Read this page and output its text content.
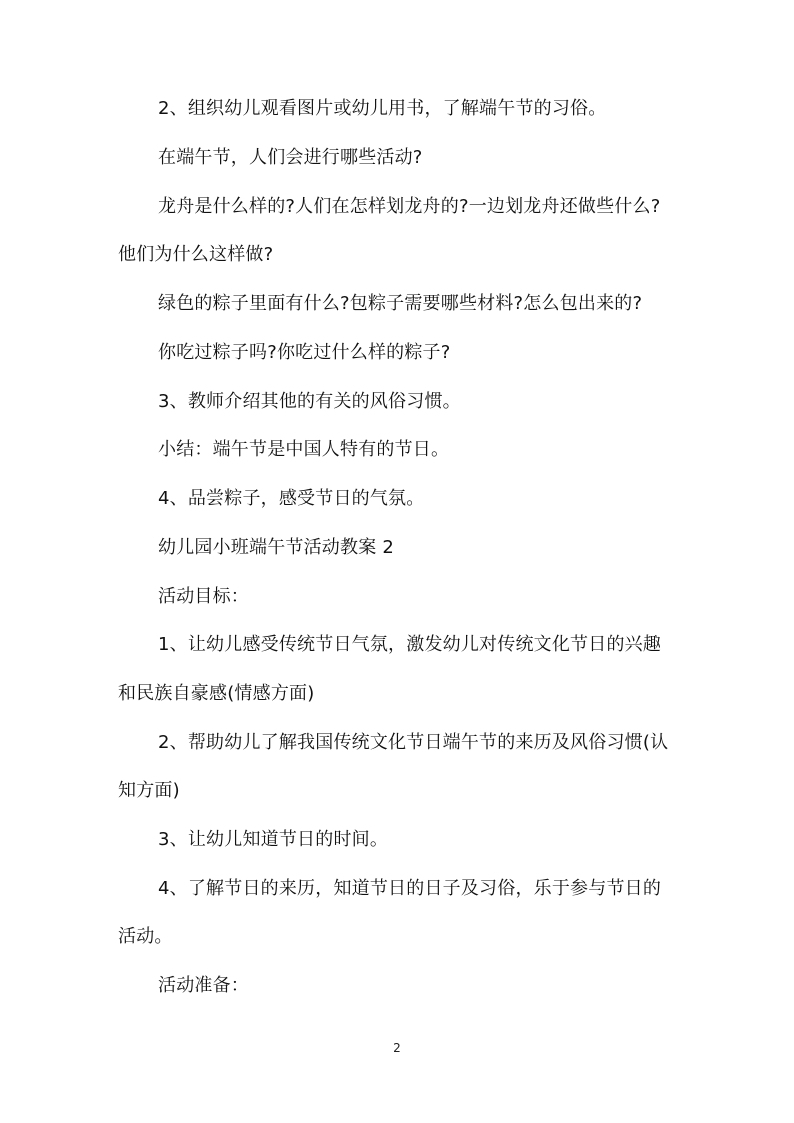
2、组织幼儿观看图片或幼儿用书，了解端午节的习俗。
在端午节，人们会进行哪些活动?
龙舟是什么样的?人们在怎样划龙舟的?一边划龙舟还做些什么?
他们为什么这样做?
绿色的粽子里面有什么?包粽子需要哪些材料?怎么包出来的?
你吃过粽子吗?你吃过什么样的粽子?
3、教师介绍其他的有关的风俗习惯。
小结：端午节是中国人特有的节日。
4、品尝粽子，感受节日的气氛。
幼儿园小班端午节活动教案 2
活动目标：
1、让幼儿感受传统节日气氛，激发幼儿对传统文化节日的兴趣
和民族自豪感(情感方面)
2、帮助幼儿了解我国传统文化节日端午节的来历及风俗习惯(认
知方面)
3、让幼儿知道节日的时间。
4、了解节日的来历，知道节日的日子及习俗，乐于参与节日的
活动。
活动准备：
2
